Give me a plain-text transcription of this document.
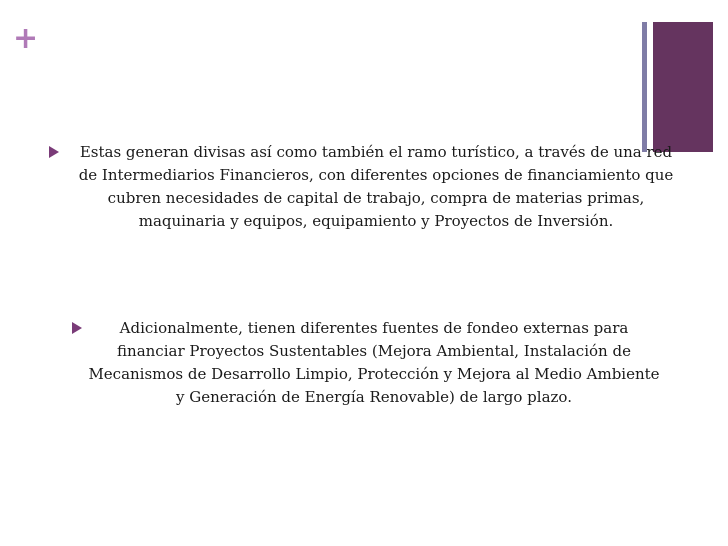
+
Estas generan divisas así como también el ramo turístico, a través de una red de Intermediarios Financieros, con diferentes opciones de financiamiento que cubren necesidades de capital de trabajo, compra de materias primas, maquinaria y equipos, equipamiento y Proyectos de Inversión.
Adicionalmente, tienen diferentes fuentes de fondeo externas para financiar Proyectos Sustentables (Mejora Ambiental, Instalación de Mecanismos de Desarrollo Limpio, Protección y Mejora al Medio Ambiente y Generación de Energía Renovable) de largo plazo.
